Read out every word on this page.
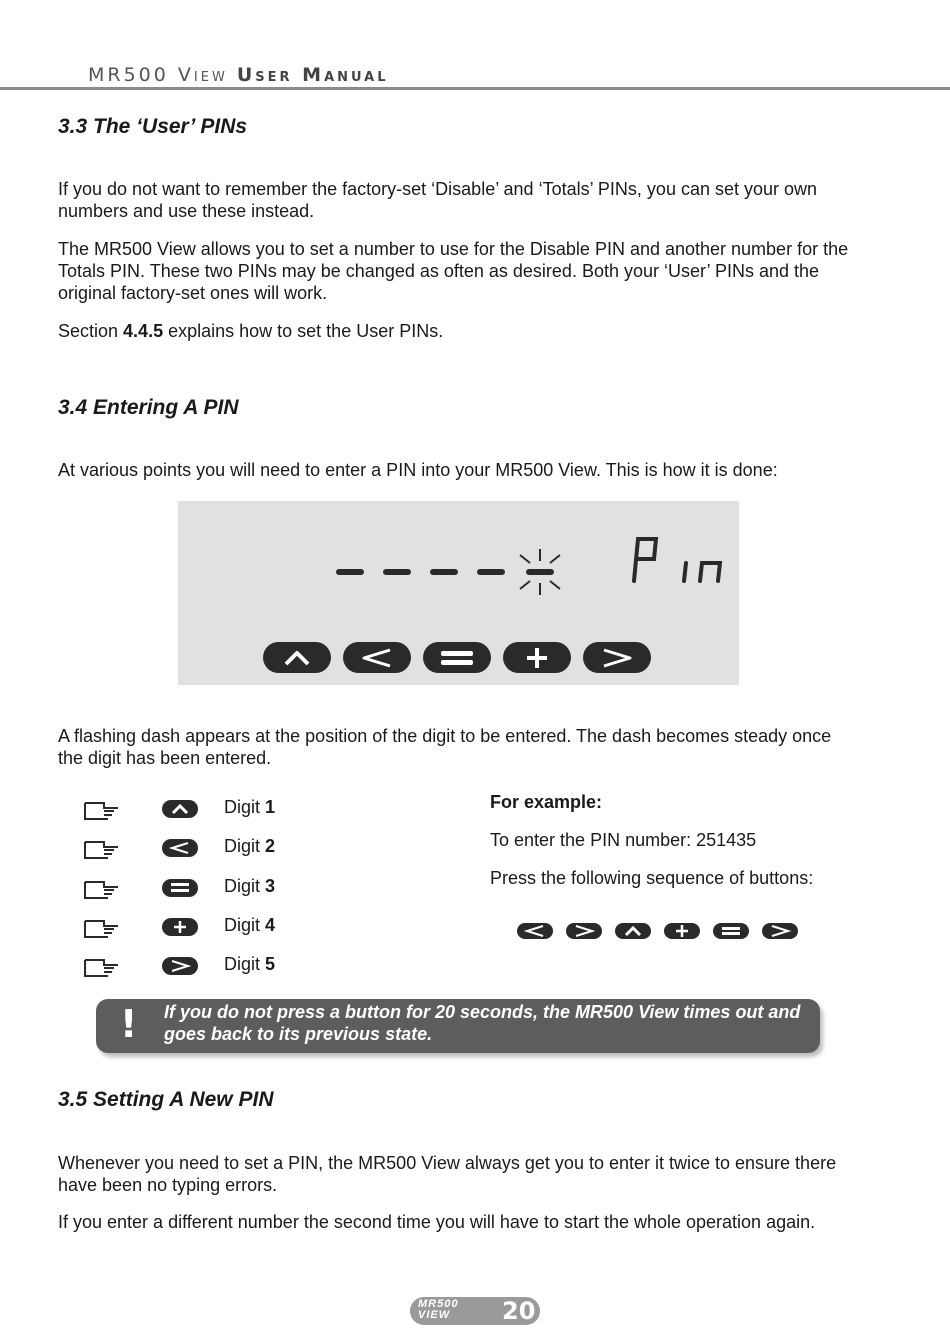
MR500 View User Manual
3.3 The ‘User’ PINs

If you do not want to remember the factory-set ‘Disable’ and ‘Totals’ PINs, you can set your own numbers and use these instead.

The MR500 View allows you to set a number to use for the Disable PIN and another number for the Totals PIN. These two PINs may be changed as often as desired. Both your ‘User’ PINs and the original factory-set ones will work.

Section 4.4.5 explains how to set the User PINs.

3.4 Entering A PIN

At various points you will need to enter a PIN into your MR500 View. This is how it is done:

A flashing dash appears at the position of the digit to be entered. The dash becomes steady once the digit has been entered.

Digit 1
Digit 2
Digit 3
Digit 4
Digit 5
For example:
To enter the PIN number: 251435
Press the following sequence of buttons:
! If you do not press a button for 20 seconds, the MR500 View times out and goes back to its previous state.
3.5 Setting A New PIN

Whenever you need to set a PIN, the MR500 View always get you to enter it twice to ensure there have been no typing errors.

If you enter a different number the second time you will have to start the whole operation again.

MR500
VIEW	20
